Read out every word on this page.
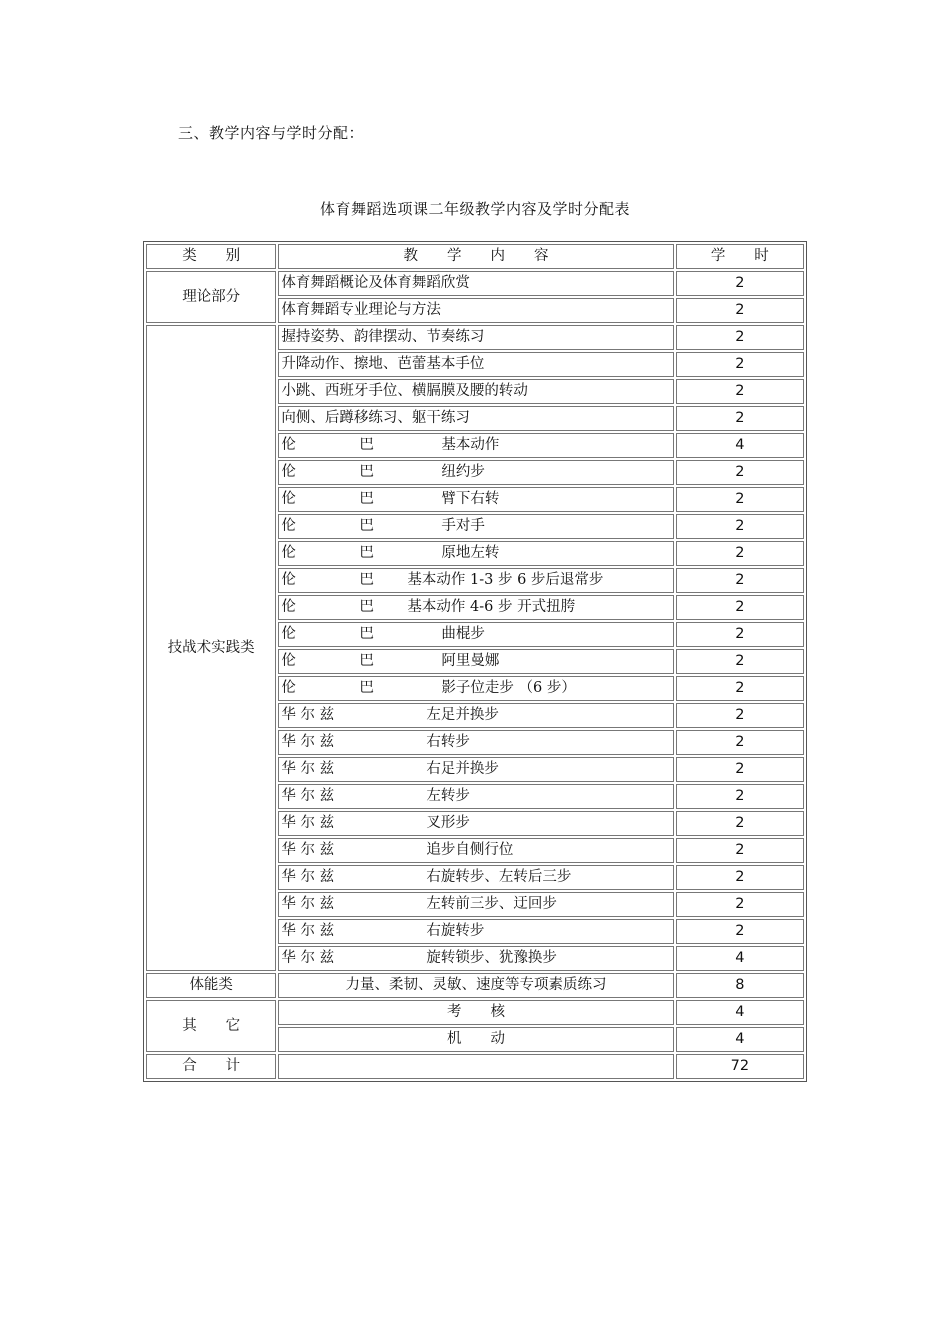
三、教学内容与学时分配：
体育舞蹈选项课二年级教学内容及学时分配表
类　　别	教　　学　　内　　容	学　　时
理论部分	体育舞蹈概论及体育舞蹈欣赏	2
	体育舞蹈专业理论与方法	2
技战术实践类	握持姿势、韵律摆动、节奏练习	2
	升降动作、擦地、芭蕾基本手位	2
	小跳、西班牙手位、横膈膜及腰的转动	2
	向侧、后蹲移练习、躯干练习	2
	伦 巴 基本动作	4
	伦 巴 纽约步	2
	伦 巴 臂下右转	2
	伦 巴 手对手	2
	伦 巴 原地左转	2
	伦 巴 基本动作 1-3 步 6 步后退常步	2
	伦 巴 基本动作 4-6 步 开式扭胯	2
	伦 巴 曲棍步	2
	伦 巴 阿里曼娜	2
	伦 巴 影子位走步 （6 步）	2
	华 尔 兹 左足并换步	2
	华 尔 兹 右转步	2
	华 尔 兹 右足并换步	2
	华 尔 兹 左转步	2
	华 尔 兹 叉形步	2
	华 尔 兹 追步自侧行位	2
	华 尔 兹 右旋转步、左转后三步	2
	华 尔 兹 左转前三步、迂回步	2
	华 尔 兹 右旋转步	2
	华 尔 兹 旋转锁步、犹豫换步	4
体能类	力量、柔韧、灵敏、速度等专项素质练习	8
其　　它	考　　核	4
	机　　动	4
合　　计		72
